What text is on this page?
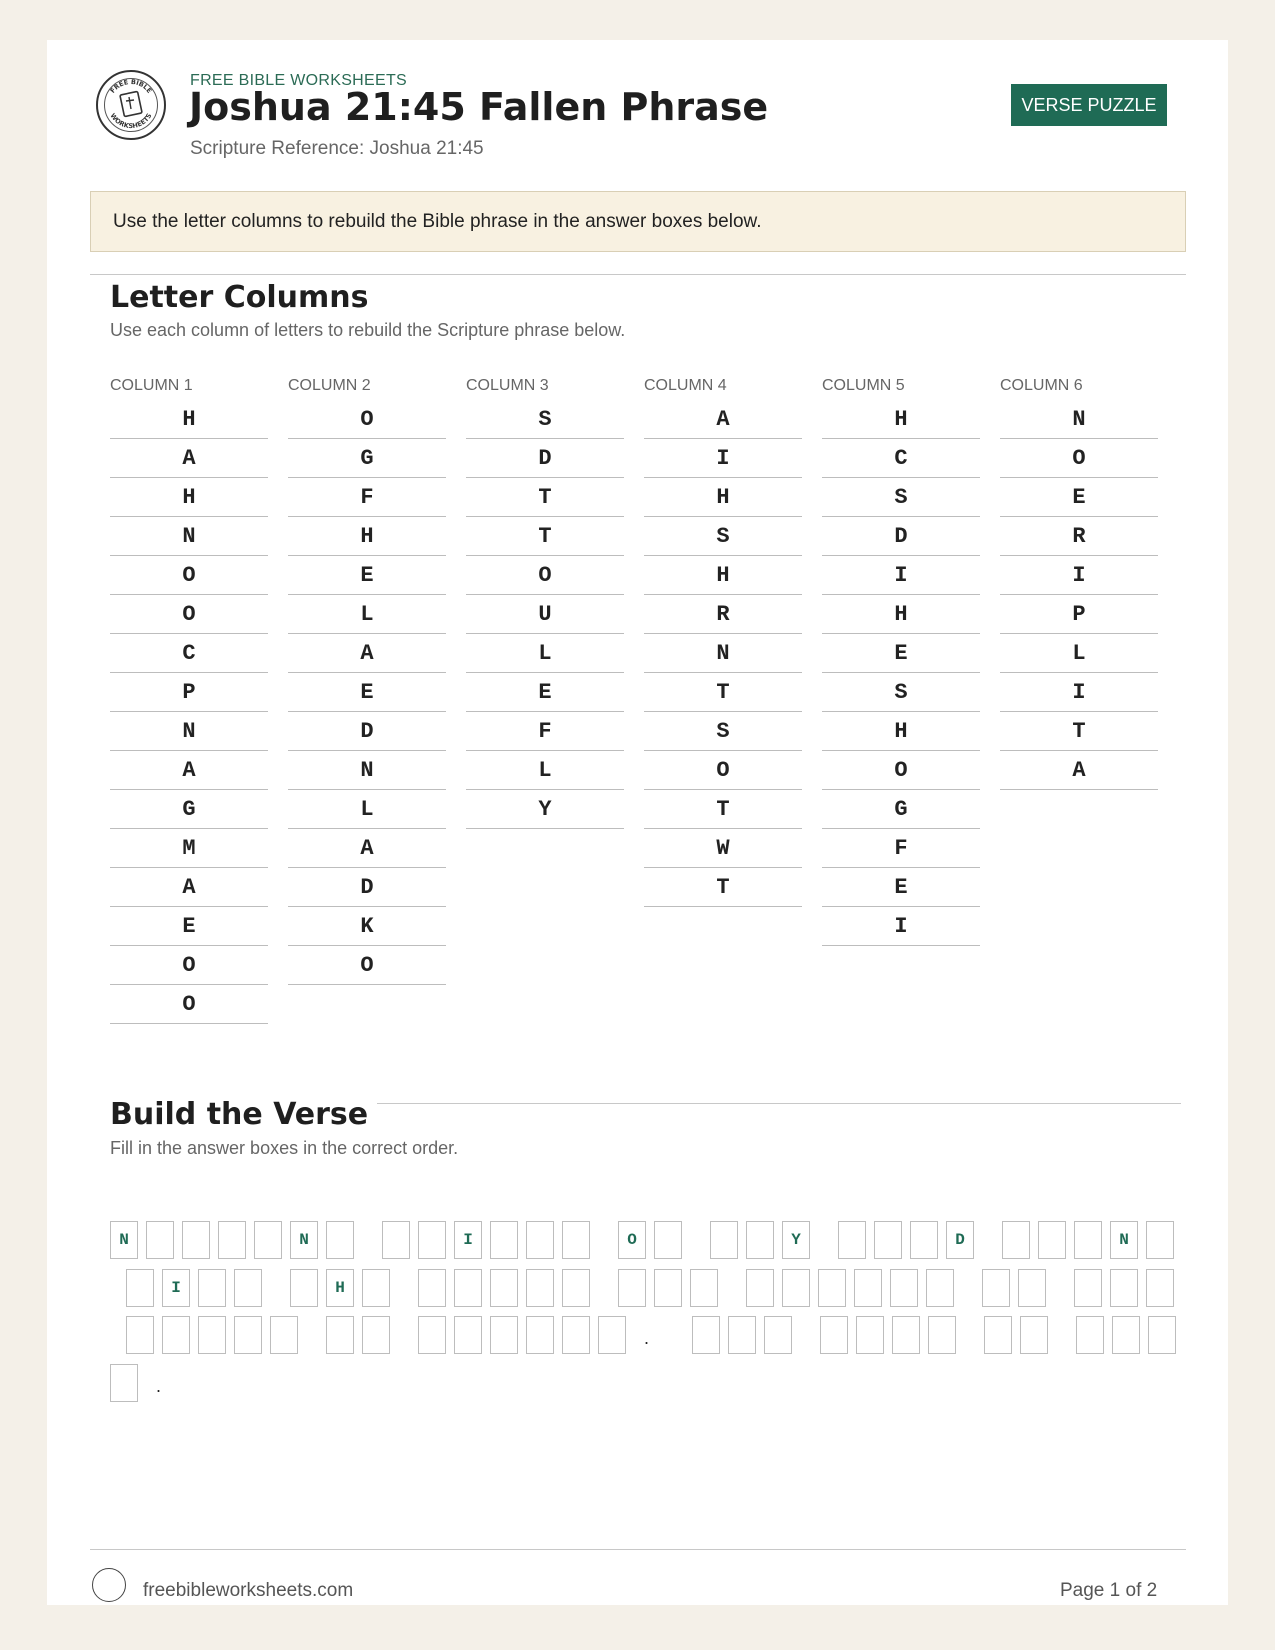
FREE BIBLE
WORKSHEETS
FREE BIBLE WORKSHEETS
Joshua 21:45 Fallen Phrase
Scripture Reference: Joshua 21:45
VERSE PUZZLE
Use the letter columns to rebuild the Bible phrase in the answer boxes below.
Letter Columns
Use each column of letters to rebuild the Scripture phrase below.
COLUMN 1
H
A
H
N
O
O
C
P
N
A
G
M
A
E
O
O
COLUMN 2
O
G
F
H
E
L
A
E
D
N
L
A
D
K
O
COLUMN 3
S
D
T
T
O
U
L
E
F
L
Y
COLUMN 4
A
I
H
S
H
R
N
T
S
O
T
W
T
COLUMN 5
H
C
S
D
I
H
E
S
H
O
G
F
E
I
COLUMN 6
N
O
E
R
I
P
L
I
T
A
Build the Verse
Fill in the answer boxes in the correct order.
N	N	I	O	Y	D	N
I	H
.
.
freebibleworksheets.com	Page 1 of 2
